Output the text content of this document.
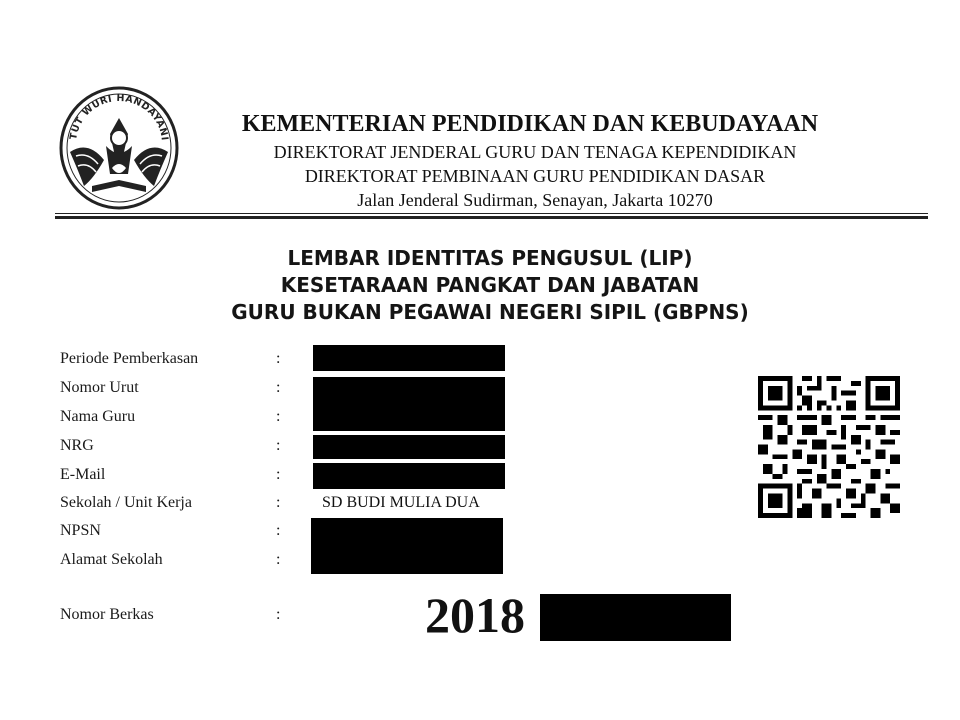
TUT WURI HANDAYANI
KEMENTERIAN PENDIDIKAN DAN KEBUDAYAAN
DIREKTORAT JENDERAL GURU DAN TENAGA KEPENDIDIKAN
DIREKTORAT PEMBINAAN GURU PENDIDIKAN DASAR
Jalan Jenderal Sudirman, Senayan, Jakarta 10270
LEMBAR IDENTITAS PENGUSUL (LIP)
KESETARAAN PANGKAT DAN JABATAN
GURU BUKAN PEGAWAI NEGERI SIPIL (GBPNS)
Periode Pemberkasan	:
Nomor Urut	:
Nama Guru	:
NRG	:
E-Mail	:
Sekolah / Unit Kerja	:	SD BUDI MULIA DUA
NPSN	:
Alamat Sekolah	:
Nomor Berkas	:	2018
